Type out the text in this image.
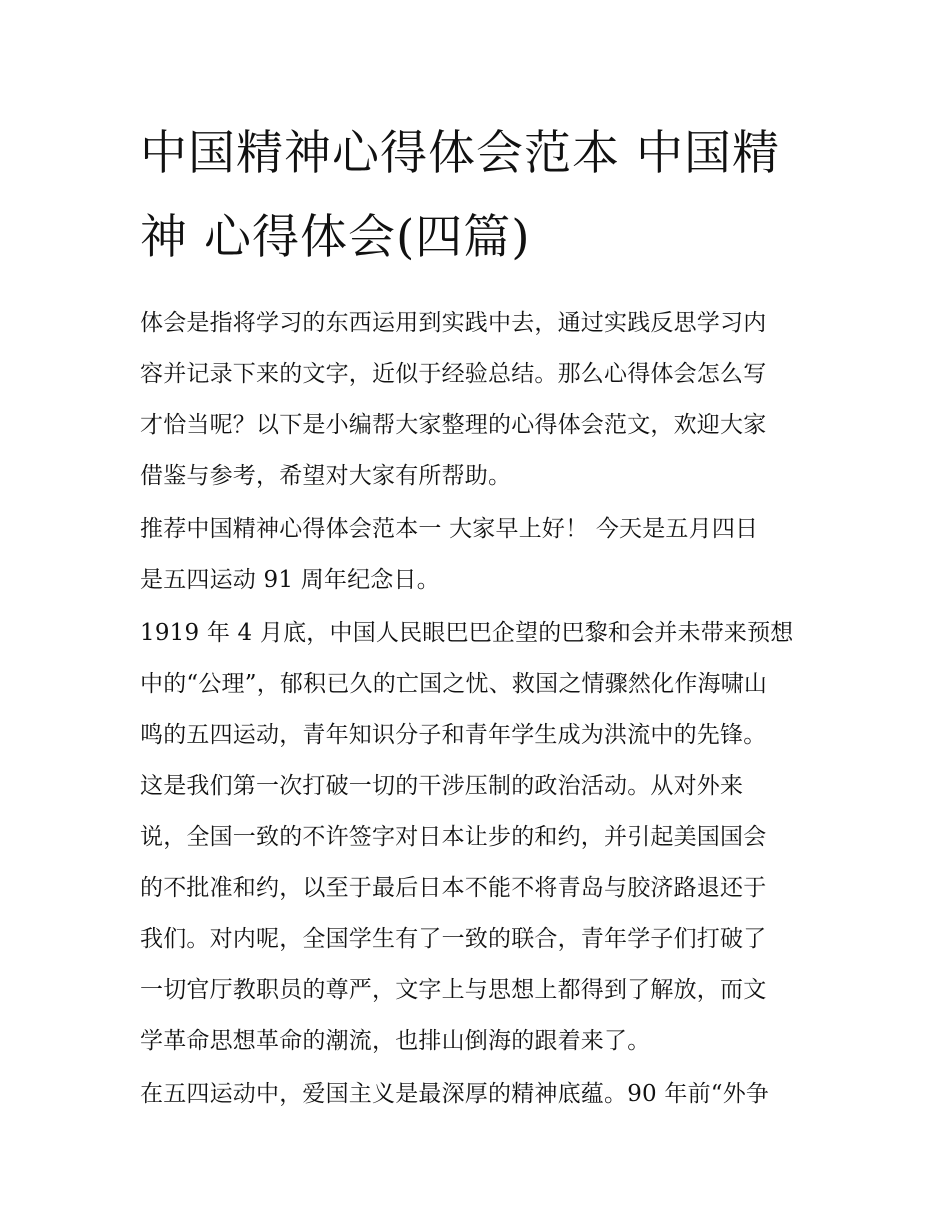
中国精神心得体会范本 中国精
神 心得体会(四篇)

体会是指将学习的东西运用到实践中去，通过实践反思学习内
容并记录下来的文字，近似于经验总结。那么心得体会怎么写
才恰当呢？以下是小编帮大家整理的心得体会范文，欢迎大家
借鉴与参考，希望对大家有所帮助。

推荐中国精神心得体会范本一 大家早上好！ 今天是五月四日
是五四运动 91 周年纪念日。

1919 年 4 月底，中国人民眼巴巴企望的巴黎和会并未带来预想
中的“公理”，郁积已久的亡国之忧、救国之情骤然化作海啸山
鸣的五四运动，青年知识分子和青年学生成为洪流中的先锋。
这是我们第一次打破一切的干涉压制的政治活动。从对外来
说，全国一致的不许签字对日本让步的和约，并引起美国国会
的不批准和约，以至于最后日本不能不将青岛与胶济路退还于
我们。对内呢，全国学生有了一致的联合，青年学子们打破了
一切官厅教职员的尊严，文字上与思想上都得到了解放，而文
学革命思想革命的潮流，也排山倒海的跟着来了。

在五四运动中，爱国主义是最深厚的精神底蕴。90 年前“外争
